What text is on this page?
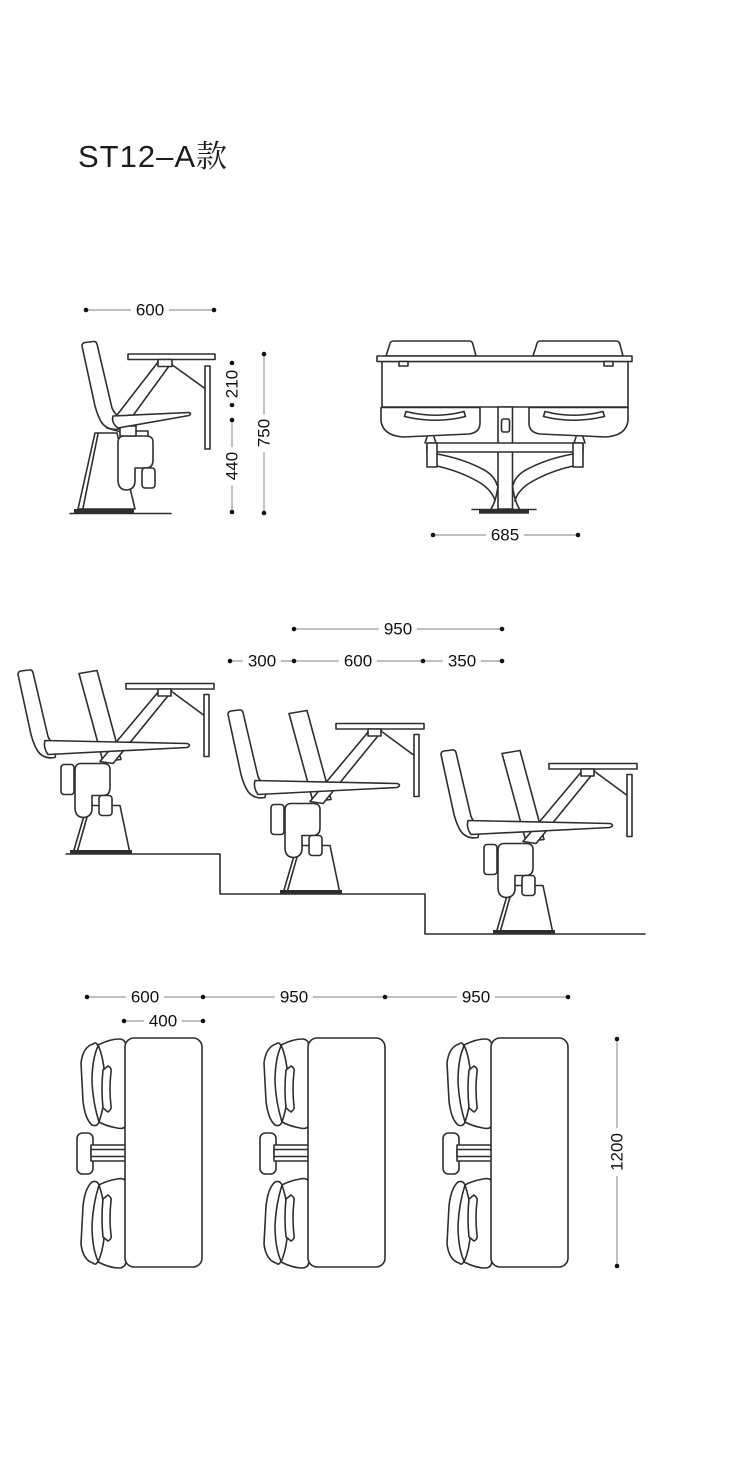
ST12–A款
600
210
440
750
685
950
300	600	350
600	950	950
400
1200
